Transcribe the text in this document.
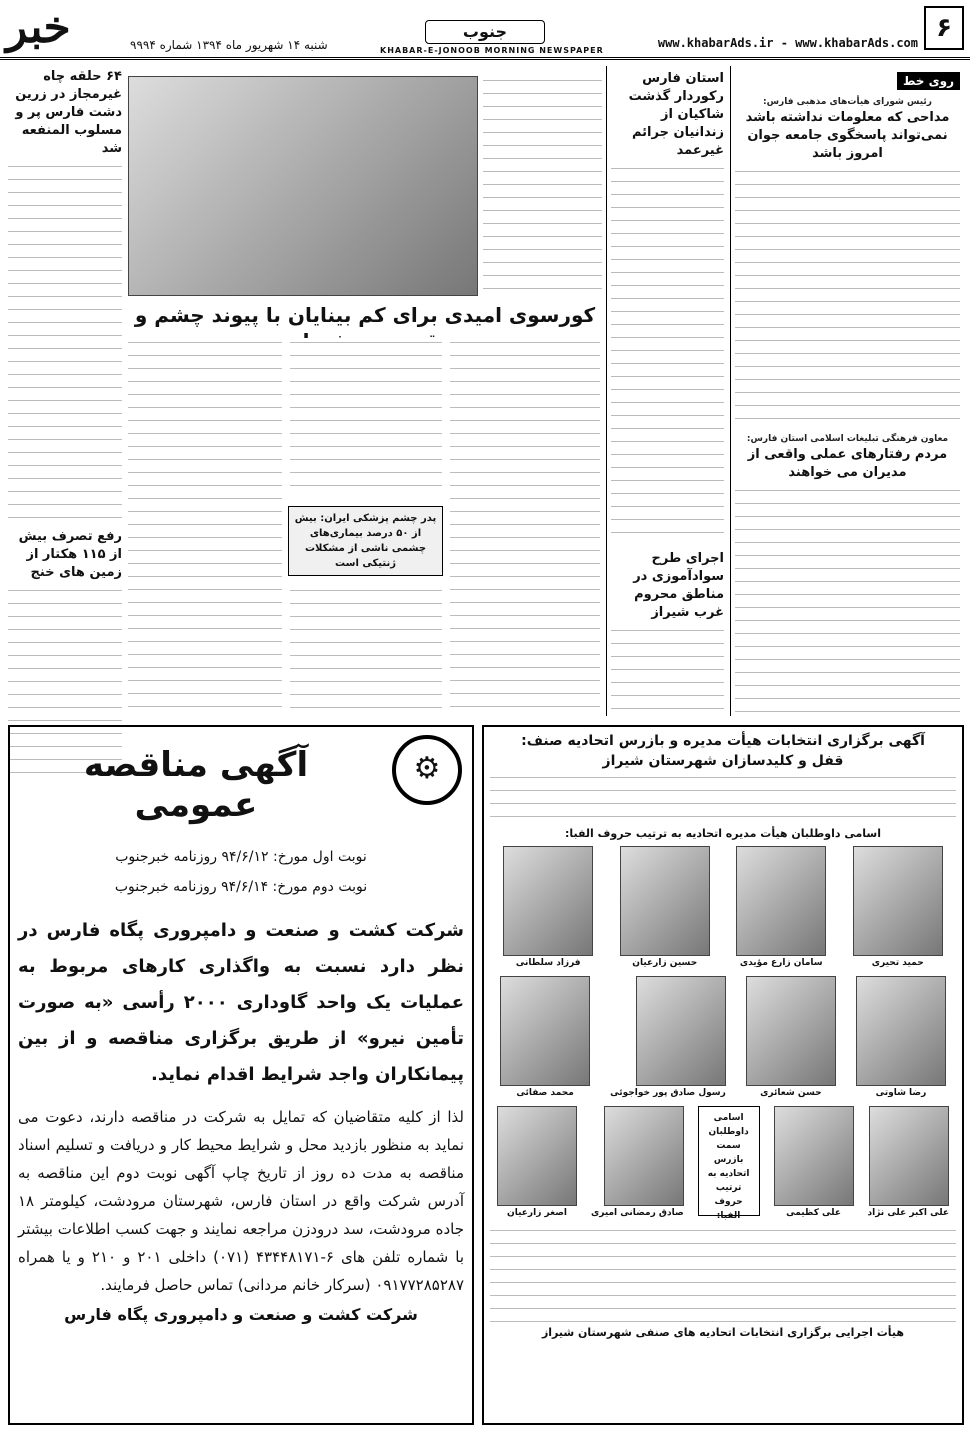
۶
www.khabarAds.ir - www.khabarAds.com
جنوب
KHABAR-E-JONOOB MORNING NEWSPAPER
خبر	شنبه ۱۴ شهریور ماه ۱۳۹۴ شماره ۹۹۹۴
روی خط
رئیس شورای هیأت‌های مذهبی فارس:
مداحی که معلومات نداشته باشد نمی‌تواند پاسخگوی جامعه جوان امروز باشد
معاون فرهنگی تبلیغات اسلامی استان فارس:
مردم رفتارهای عملی واقعی از مدیران می خواهند
استان فارس رکوردار گذشت شاکیان از زندانیان جرائم غیرعمد
اجرای طرح سوادآموزی در مناطق محروم غرب شیراز
کورسوی امیدی برای کم بینایان با پیوند چشم و
پدر چشم پزشکی ایران: بیش از ۵۰ درصد بیماری‌های چشمی ناشی از مشکلات ژنتیکی است
۶۴ حلقه چاه غیرمجاز در زرین دشت فارس پر و مسلوب المنفعه شد
رفع تصرف بیش از ۱۱۵ هکتار از زمین های خنج
⚙
آگهی مناقصه عمومی
نوبت اول مورخ: ۹۴/۶/۱۲ روزنامه خبرجنوب
نوبت دوم مورخ: ۹۴/۶/۱۴ روزنامه خبرجنوب
شرکت کشت و صنعت و دامپروری پگاه فارس در نظر دارد نسبت به واگذاری کارهای مربوط به عملیات یک واحد گاوداری ۲۰۰۰ رأسی «به صورت تأمین نیرو» از طریق برگزاری مناقصه و از بین پیمانکاران واجد شرایط اقدام نماید.
لذا از کلیه متقاضیان که تمایل به شرکت در مناقصه دارند، دعوت می نماید به منظور بازدید محل و شرایط محیط کار و دریافت و تسلیم اسناد مناقصه به مدت ده روز از تاریخ چاپ آگهی نوبت دوم این مناقصه به آدرس شرکت واقع در استان فارس، شهرستان مرودشت، کیلومتر ۱۸ جاده مرودشت، سد درودزن مراجعه نمایند و جهت کسب اطلاعات بیشتر با شماره تلفن های ۶-۴۳۴۴۸۱۷۱ (۰۷۱) داخلی ۲۰۱ و ۲۱۰ و یا همراه ۰۹۱۷۷۲۸۵۲۸۷ (سرکار خانم مردانی) تماس حاصل فرمایند.
شرکت کشت و صنعت و دامپروری پگاه فارس
آگهی برگزاری انتخابات هیأت مدیره و بازرس اتحادیه صنف:
قفل و کلیدسازان شهرستان شیراز
اسامی داوطلبان هیأت مدیره اتحادیه به ترتیب حروف الفبا:
حمید تحیری
سامان زارع مؤیدی
حسین زارعیان
فرزاد سلطانی
رضا شاوتی
حسن شعائری
رسول صادق پور خواجوئی
محمد صفائی
علی اکبر علی نژاد
علی کظیمی
اسامی داوطلبان سمت بازرس اتحادیه به ترتیب حروف الفبا:
صادق رمضانی امیری
اصغر زارعیان
هیأت اجرایی برگزاری انتخابات اتحادیه های صنفی شهرستان شیراز
